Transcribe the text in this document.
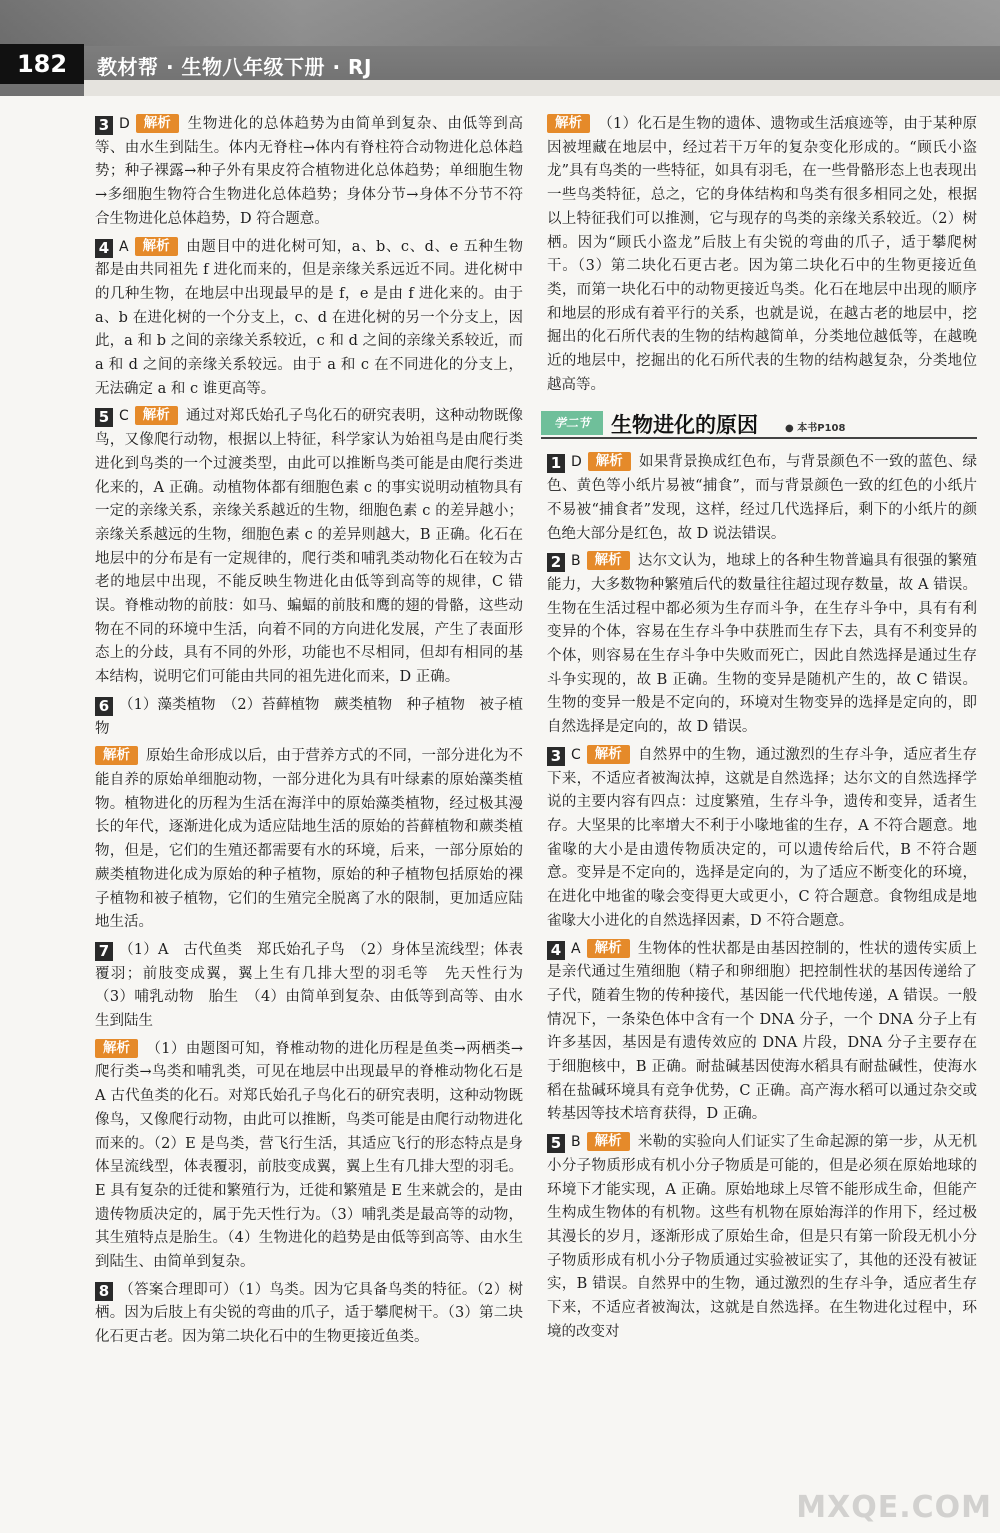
182	教材帮 · 生物八年级下册 · RJ
3 D 解析 生物进化的总体趋势为由简单到复杂、由低等到高等、由水生到陆生。体内无脊柱→体内有脊柱符合动物进化总体趋势；种子裸露→种子外有果皮符合植物进化总体趋势；单细胞生物→多细胞生物符合生物进化总体趋势；身体分节→身体不分节不符合生物进化总体趋势，D 符合题意。
4 A 解析 由题目中的进化树可知，a、b、c、d、e 五种生物都是由共同祖先 f 进化而来的，但是亲缘关系远近不同。进化树中的几种生物，在地层中出现最早的是 f，e 是由 f 进化来的。由于 a、b 在进化树的一个分支上，c、d 在进化树的另一个分支上，因此，a 和 b 之间的亲缘关系较近，c 和 d 之间的亲缘关系较近，而 a 和 d 之间的亲缘关系较远。由于 a 和 c 在不同进化的分支上，无法确定 a 和 c 谁更高等。
5 C 解析 通过对郑氏始孔子鸟化石的研究表明，这种动物既像鸟，又像爬行动物，根据以上特征，科学家认为始祖鸟是由爬行类进化到鸟类的一个过渡类型，由此可以推断鸟类可能是由爬行类进化来的，A 正确。动植物体都有细胞色素 c 的事实说明动植物具有一定的亲缘关系，亲缘关系越近的生物，细胞色素 c 的差异越小；亲缘关系越远的生物，细胞色素 c 的差异则越大，B 正确。化石在地层中的分布是有一定规律的，爬行类和哺乳类动物化石在较为古老的地层中出现，不能反映生物进化由低等到高等的规律，C 错误。脊椎动物的前肢：如马、蝙蝠的前肢和鹰的翅的骨骼，这些动物在不同的环境中生活，向着不同的方向进化发展，产生了表面形态上的分歧，具有不同的外形，功能也不尽相同，但却有相同的基本结构，说明它们可能由共同的祖先进化而来，D 正确。
6 （1）藻类植物　（2）苔藓植物　蕨类植物　种子植物　被子植物
解析 原始生命形成以后，由于营养方式的不同，一部分进化为不能自养的原始单细胞动物，一部分进化为具有叶绿素的原始藻类植物。植物进化的历程为生活在海洋中的原始藻类植物，经过极其漫长的年代，逐渐进化成为适应陆地生活的原始的苔藓植物和蕨类植物，但是，它们的生殖还都需要有水的环境，后来，一部分原始的蕨类植物进化成为原始的种子植物，原始的种子植物包括原始的裸子植物和被子植物，它们的生殖完全脱离了水的限制，更加适应陆地生活。
7 （1）A　古代鱼类　郑氏始孔子鸟　（2）身体呈流线型；体表覆羽；前肢变成翼，翼上生有几排大型的羽毛等　先天性行为　（3）哺乳动物　胎生　（4）由简单到复杂、由低等到高等、由水生到陆生
解析 （1）由题图可知，脊椎动物的进化历程是鱼类→两栖类→爬行类→鸟类和哺乳类，可见在地层中出现最早的脊椎动物化石是 A 古代鱼类的化石。对郑氏始孔子鸟化石的研究表明，这种动物既像鸟，又像爬行动物，由此可以推断，鸟类可能是由爬行动物进化而来的。（2）E 是鸟类，营飞行生活，其适应飞行的形态特点是身体呈流线型，体表覆羽，前肢变成翼，翼上生有几排大型的羽毛。E 具有复杂的迁徙和繁殖行为，迁徙和繁殖是 E 生来就会的，是由遗传物质决定的，属于先天性行为。（3）哺乳类是最高等的动物，其生殖特点是胎生。（4）生物进化的趋势是由低等到高等、由水生到陆生、由简单到复杂。
8 （答案合理即可）（1）鸟类。因为它具备鸟类的特征。（2）树栖。因为后肢上有尖锐的弯曲的爪子，适于攀爬树干。（3）第二块化石更古老。因为第二块化石中的生物更接近鱼类。
解析 （1）化石是生物的遗体、遗物或生活痕迹等，由于某种原因被埋藏在地层中，经过若干万年的复杂变化形成的。“顾氏小盗龙”具有鸟类的一些特征，如具有羽毛，在一些骨骼形态上也表现出一些鸟类特征，总之，它的身体结构和鸟类有很多相同之处，根据以上特征我们可以推测，它与现存的鸟类的亲缘关系较近。（2）树栖。因为“顾氏小盗龙”后肢上有尖锐的弯曲的爪子，适于攀爬树干。（3）第二块化石更古老。因为第二块化石中的生物更接近鱼类，而第一块化石中的动物更接近鸟类。化石在地层中出现的顺序和地层的形成有着平行的关系，也就是说，在越古老的地层中，挖掘出的化石所代表的生物的结构越简单，分类地位越低等，在越晚近的地层中，挖掘出的化石所代表的生物的结构越复杂，分类地位越高等。
学二节	生物进化的原因	● 本书P108
1 D 解析 如果背景换成红色布，与背景颜色不一致的蓝色、绿色、黄色等小纸片易被“捕食”，而与背景颜色一致的红色的小纸片不易被“捕食者”发现，这样，经过几代选择后，剩下的小纸片的颜色绝大部分是红色，故 D 说法错误。
2 B 解析 达尔文认为，地球上的各种生物普遍具有很强的繁殖能力，大多数物种繁殖后代的数量往往超过现存数量，故 A 错误。生物在生活过程中都必须为生存而斗争，在生存斗争中，具有有利变异的个体，容易在生存斗争中获胜而生存下去，具有不利变异的个体，则容易在生存斗争中失败而死亡，因此自然选择是通过生存斗争实现的，故 B 正确。生物的变异是随机产生的，故 C 错误。生物的变异一般是不定向的，环境对生物变异的选择是定向的，即自然选择是定向的，故 D 错误。
3 C 解析 自然界中的生物，通过激烈的生存斗争，适应者生存下来，不适应者被淘汰掉，这就是自然选择；达尔文的自然选择学说的主要内容有四点：过度繁殖，生存斗争，遗传和变异，适者生存。大坚果的比率增大不利于小喙地雀的生存，A 不符合题意。地雀喙的大小是由遗传物质决定的，可以遗传给后代，B 不符合题意。变异是不定向的，选择是定向的，为了适应不断变化的环境，在进化中地雀的喙会变得更大或更小，C 符合题意。食物组成是地雀喙大小进化的自然选择因素，D 不符合题意。
4 A 解析 生物体的性状都是由基因控制的，性状的遗传实质上是亲代通过生殖细胞（精子和卵细胞）把控制性状的基因传递给了子代，随着生物的传种接代，基因能一代代地传递，A 错误。一般情况下，一条染色体中含有一个 DNA 分子，一个 DNA 分子上有许多基因，基因是有遗传效应的 DNA 片段，DNA 分子主要存在于细胞核中，B 正确。耐盐碱基因使海水稻具有耐盐碱性，使海水稻在盐碱环境具有竞争优势，C 正确。高产海水稻可以通过杂交或转基因等技术培育获得，D 正确。
5 B 解析 米勒的实验向人们证实了生命起源的第一步，从无机小分子物质形成有机小分子物质是可能的，但是必须在原始地球的环境下才能实现，A 正确。原始地球上尽管不能形成生命，但能产生构成生物体的有机物。这些有机物在原始海洋的作用下，经过极其漫长的岁月，逐渐形成了原始生命，但是只有第一阶段无机小分子物质形成有机小分子物质通过实验被证实了，其他的还没有被证实，B 错误。自然界中的生物，通过激烈的生存斗争，适应者生存下来，不适应者被淘汰，这就是自然选择。在生物进化过程中，环境的改变对
MXQE.COM
